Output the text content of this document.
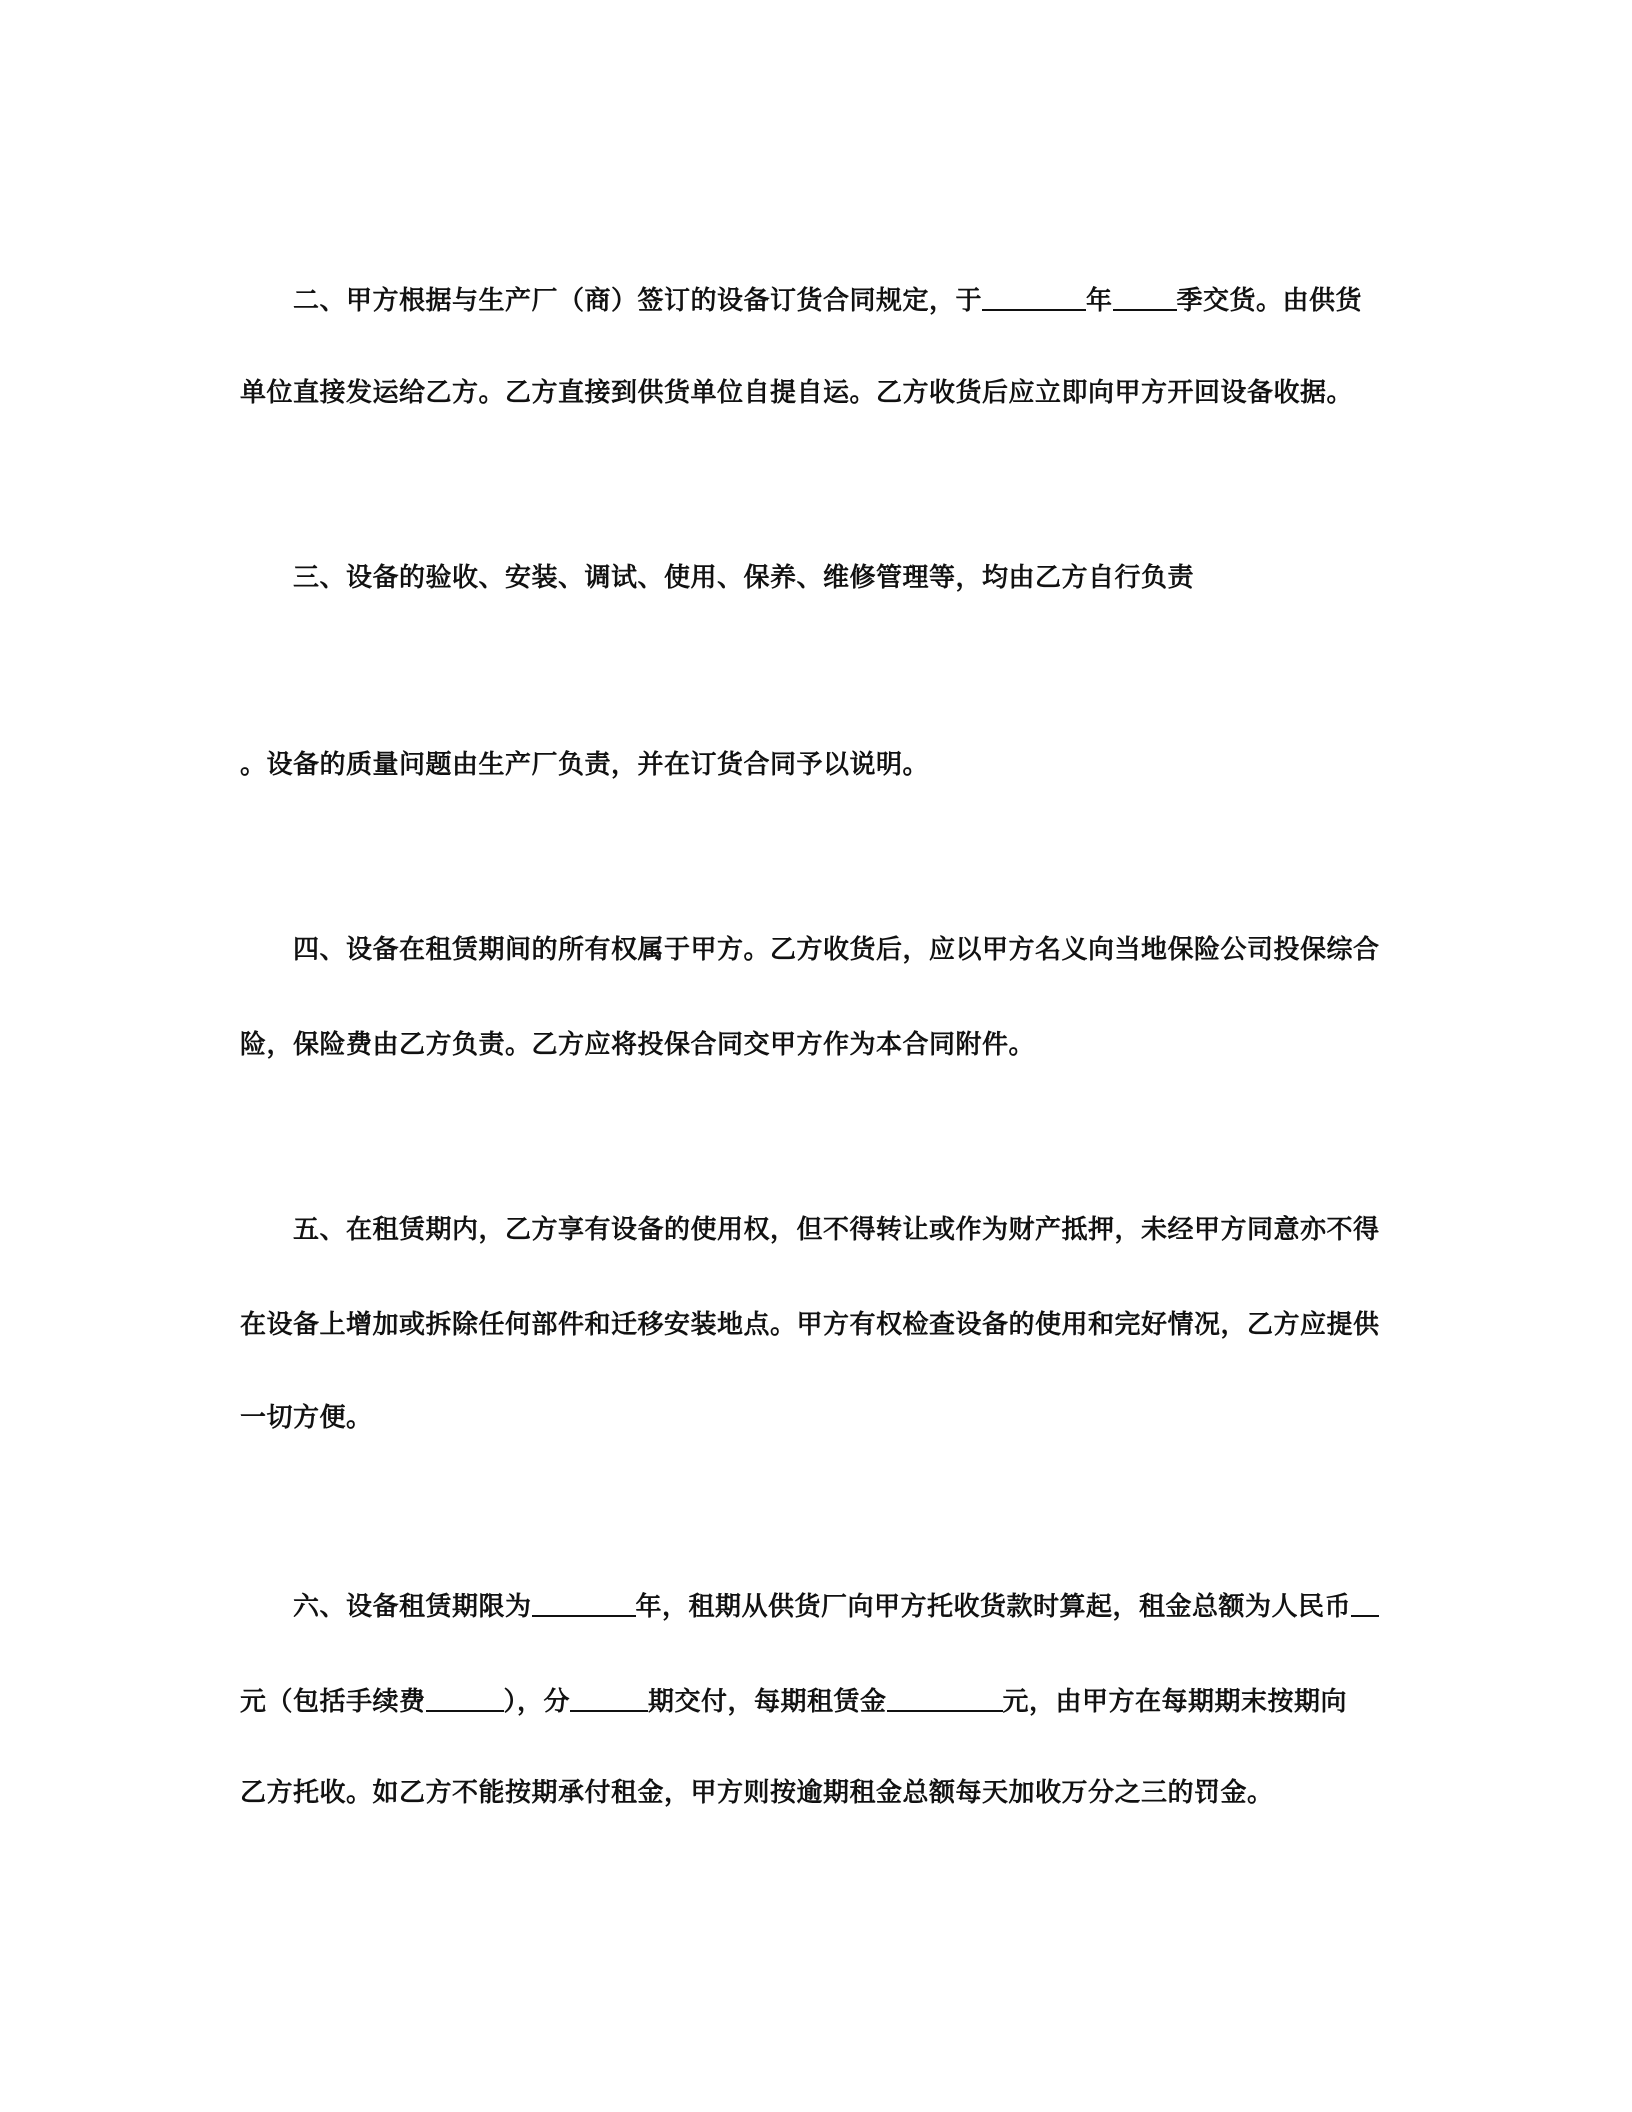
二、甲方根据与生产厂（商）签订的设备订货合同规定，于	年 季交货。由供货
单位直接发运给乙方。乙方直接到供货单位自提自运。乙方收货后应立即向甲方开回设备收据。
三、设备的验收、安装、调试、使用、保养、维修管理等，均由乙方自行负责
。设备的质量问题由生产厂负责，并在订货合同予以说明。
四、设备在租赁期间的所有权属于甲方。乙方收货后，应以甲方名义向当地保险公司投保综合
险，保险费由乙方负责。乙方应将投保合同交甲方作为本合同附件。
五、在租赁期内，乙方享有设备的使用权，但不得转让或作为财产抵押，未经甲方同意亦不得
在设备上增加或拆除任何部件和迁移安装地点。甲方有权检查设备的使用和完好情况，乙方应提供
一切方便。
六、设备租赁期限为	年，租期从供货厂向甲方托收货款时算起，租金总额为人民币
元（包括手续费	），分	期交付，每期租赁金	元，由甲方在每期期末按期向
乙方托收。如乙方不能按期承付租金，甲方则按逾期租金总额每天加收万分之三的罚金。
